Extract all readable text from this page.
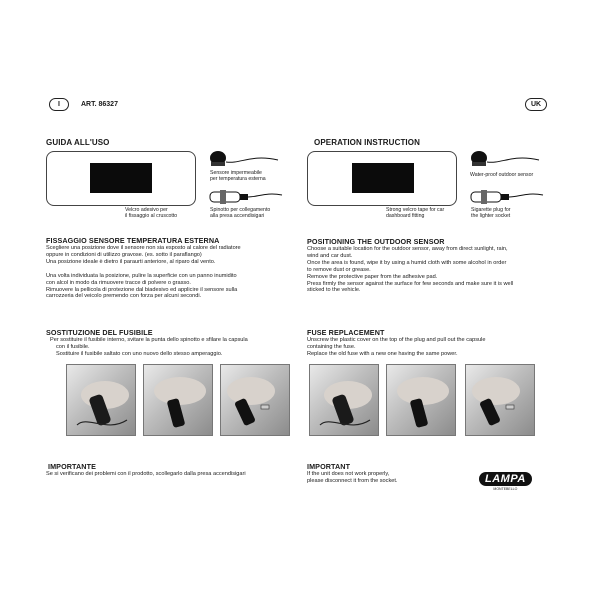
I	ART. 86327	UK
GUIDA ALL'USO
Velcro adesivo per
il fissaggio al cruscotto
Sensore impermeabile
per temperatura esterna
Spinotto per collegamento
alla presa accendisigari
FISSAGGIO SENSORE TEMPERATURA ESTERNA
Scegliere una posizione dove il sensore non sia esposto al calore del radiatore
oppure in condizioni di utilizzo gravose. (es. sotto il paraflango)
Una posizione ideale è dietro il paraurti anteriore, al riparo dal vento.
Una volta individuata la posizione, pulire la superficie con un panno inumidito
con alcol in modo da rimuovere tracce di polvere o grasso.
Rimuovere la pellicola di protezione dal biadesivo ed applicire il sensore sulla
carrozzeria del veicolo premendo con forza per alcuni secondi.
SOSTITUZIONE DEL FUSIBILE
Per sostituire il fusibile interno, svitare la punta dello spinotto e sfilare la capsula
con il fusibile.
Sostituire il fusibile saltato con uno nuovo dello stesso amperaggio.
IMPORTANTE
Se si verificano dei problemi con il prodotto, scollegarlo dalla presa accendisigari
OPERATION INSTRUCTION
Strong velcro tape for car
dashboard fitting
Water-proof outdoor sensor
Sigarette plug for
the lighter socket
POSITIONING THE OUTDOOR SENSOR
Choose a suitable location for the outdoor sensor, away from direct sunlight, rain,
wind and car dust.
Once the area is found, wipe it by using a humid cloth with some alcohol in order
to remove dust or grease.
Remove the protective paper from the adhesive pad.
Press firmly the sensor against the surface for few seconds and make sure it is well
sticked to the vehicle.
FUSE REPLACEMENT
Unscrew the plastic cover on the top of the plug and pull out the capsule
containing the fuse.
Replace the old fuse with a new one having the same power.
IMPORTANT
If the unit does not work properly,
please disconnect it from the socket.	LAMPA
MONTEBELLO
